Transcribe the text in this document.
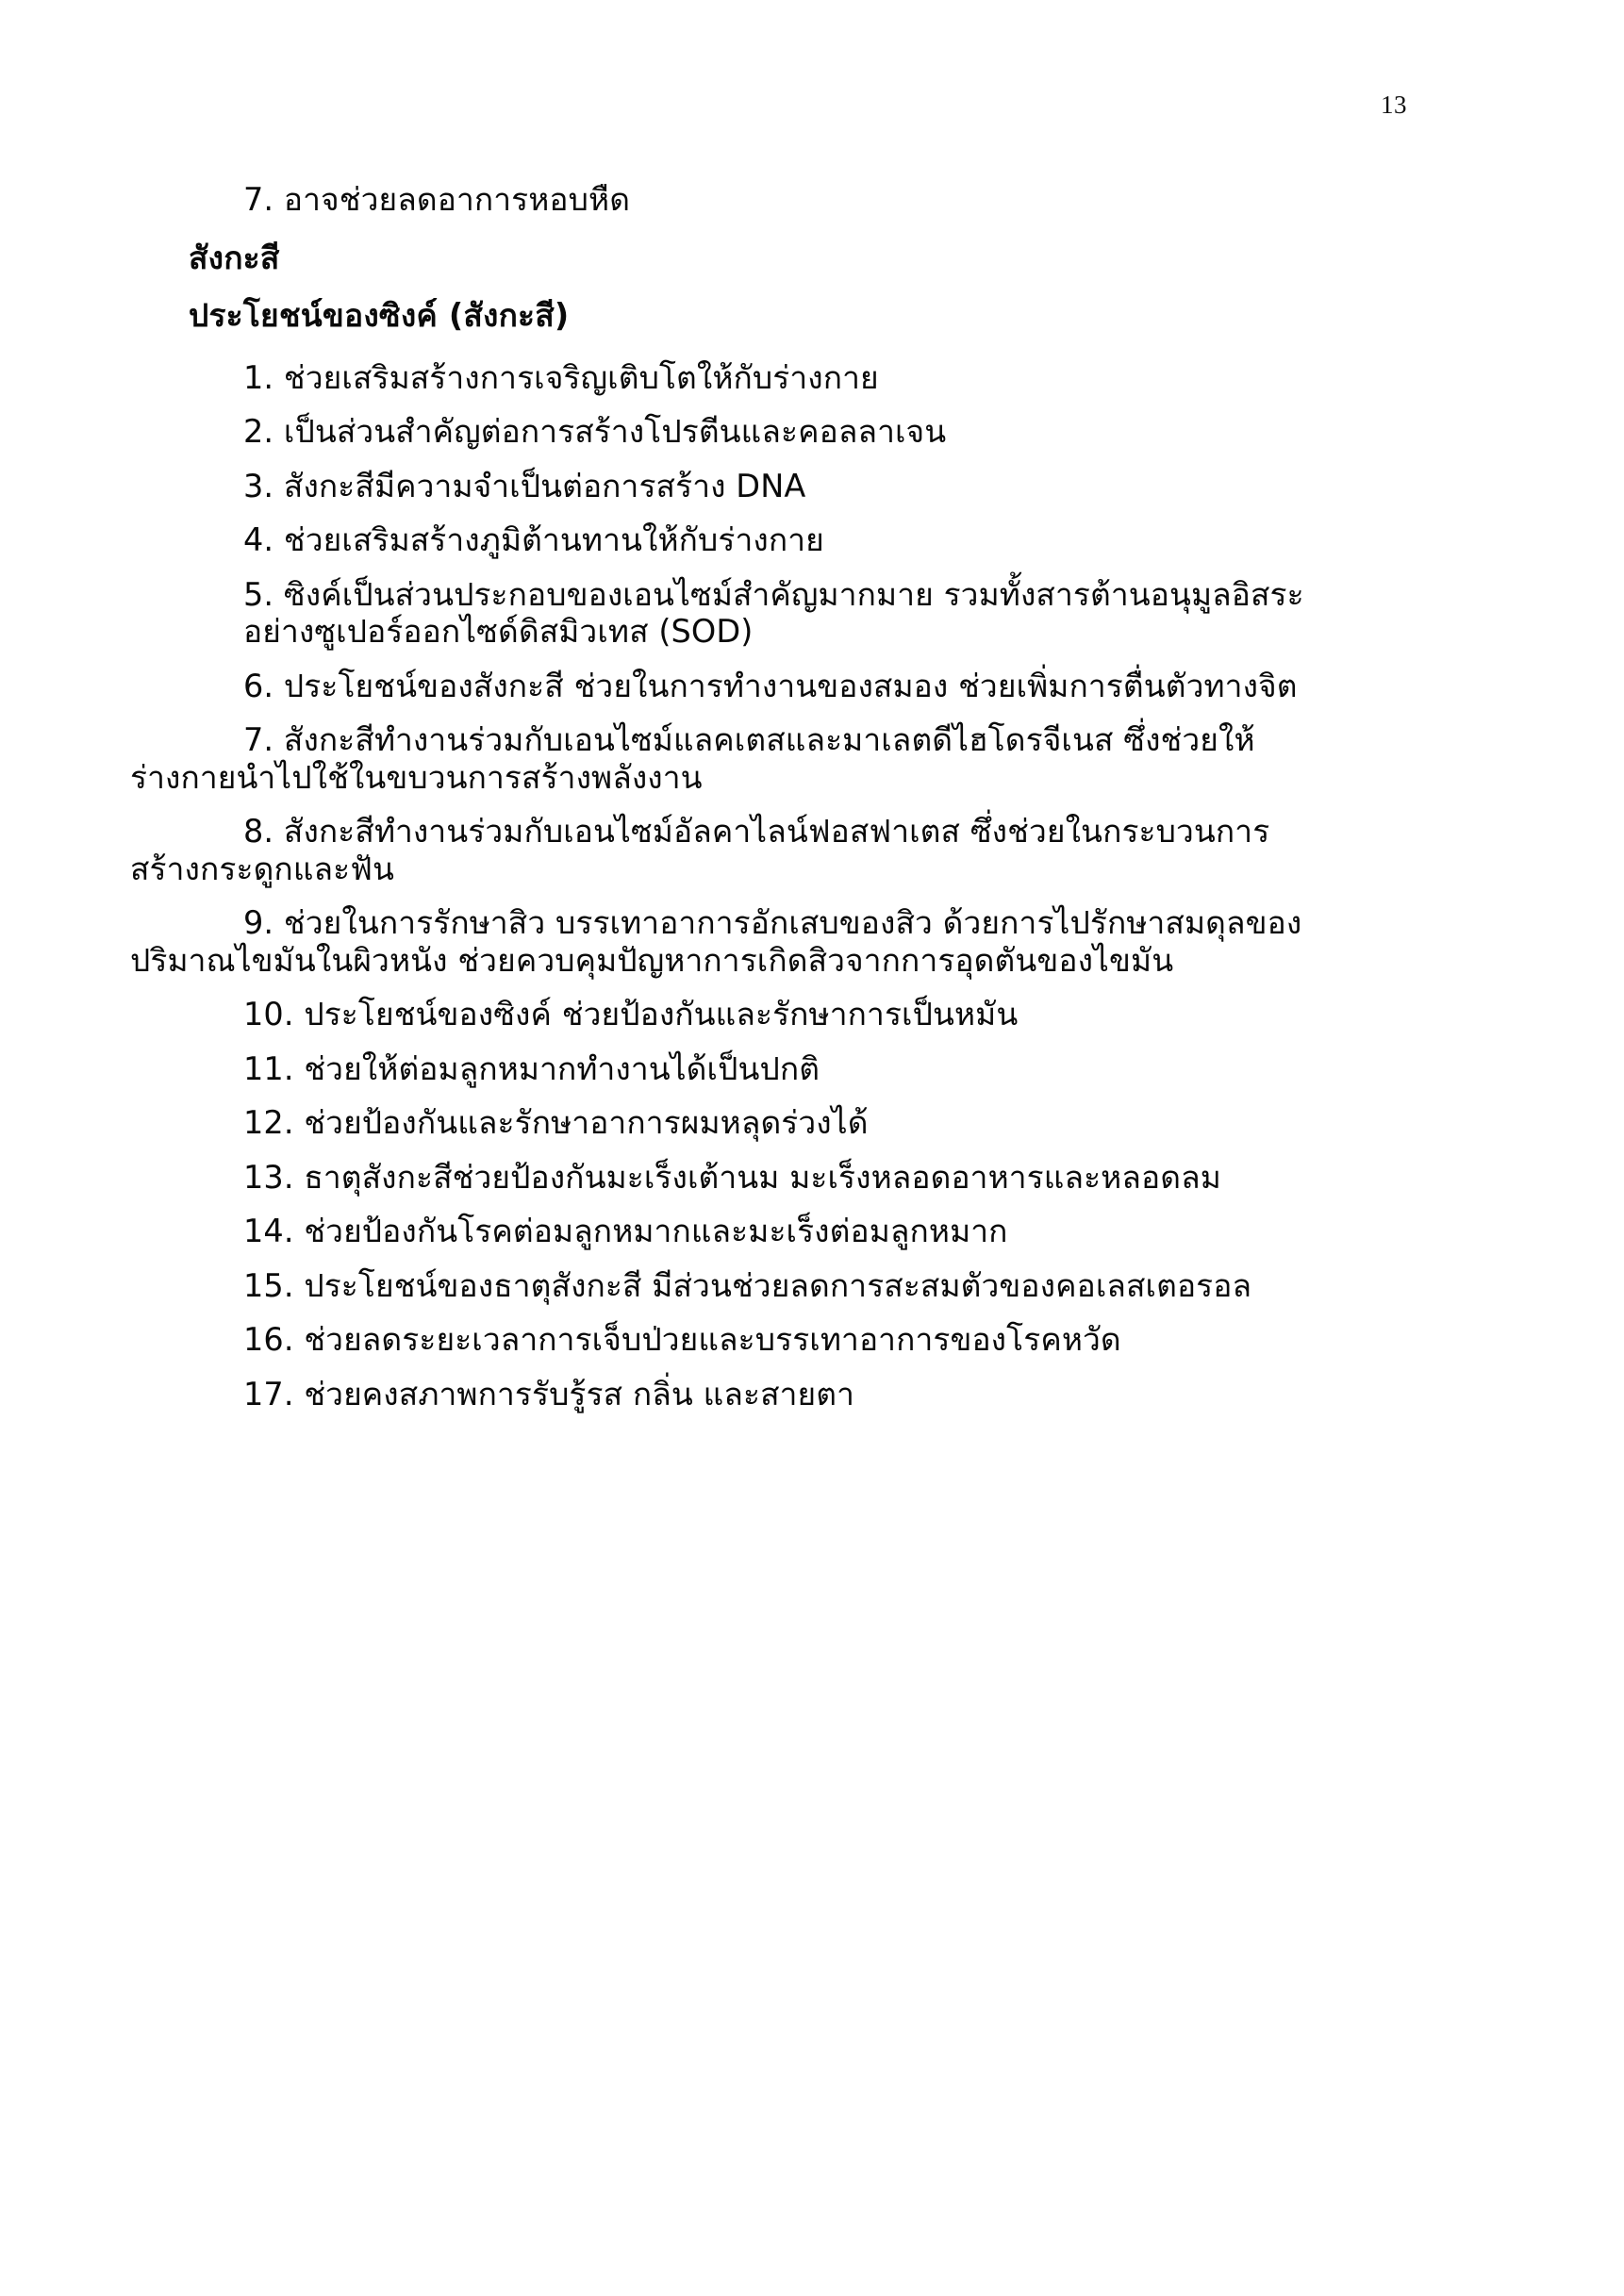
13
7. อาจช่วยลดอาการหอบหืด
สังกะสี
ประโยชน์ของซิงค์ (สังกะสี)
1. ช่วยเสริมสร้างการเจริญเติบโตให้กับร่างกาย
2. เป็นส่วนสำคัญต่อการสร้างโปรตีนและคอลลาเจน
3. สังกะสีมีความจำเป็นต่อการสร้าง DNA
4. ช่วยเสริมสร้างภูมิต้านทานให้กับร่างกาย
5. ซิงค์เป็นส่วนประกอบของเอนไซม์สำคัญมากมาย รวมทั้งสารต้านอนุมูลอิสระ
อย่างซูเปอร์ออกไซด์ดิสมิวเทส (SOD)
6. ประโยชน์ของสังกะสี ช่วยในการทำงานของสมอง ช่วยเพิ่มการตื่นตัวทางจิต
7. สังกะสีทำงานร่วมกับเอนไซม์แลคเตสและมาเลตดีไฮโดรจีเนส ซึ่งช่วยให้
ร่างกายนำไปใช้ในขบวนการสร้างพลังงาน
8. สังกะสีทำงานร่วมกับเอนไซม์อัลคาไลน์ฟอสฟาเตส ซึ่งช่วยในกระบวนการ
สร้างกระดูกและฟัน
9. ช่วยในการรักษาสิว บรรเทาอาการอักเสบของสิว ด้วยการไปรักษาสมดุลของ
ปริมาณไขมันในผิวหนัง ช่วยควบคุมปัญหาการเกิดสิวจากการอุดตันของไขมัน
10. ประโยชน์ของซิงค์ ช่วยป้องกันและรักษาการเป็นหมัน
11. ช่วยให้ต่อมลูกหมากทำงานได้เป็นปกติ
12. ช่วยป้องกันและรักษาอาการผมหลุดร่วงได้
13. ธาตุสังกะสีช่วยป้องกันมะเร็งเต้านม มะเร็งหลอดอาหารและหลอดลม
14. ช่วยป้องกันโรคต่อมลูกหมากและมะเร็งต่อมลูกหมาก
15. ประโยชน์ของธาตุสังกะสี มีส่วนช่วยลดการสะสมตัวของคอเลสเตอรอล
16. ช่วยลดระยะเวลาการเจ็บป่วยและบรรเทาอาการของโรคหวัด
17. ช่วยคงสภาพการรับรู้รส กลิ่น และสายตา
